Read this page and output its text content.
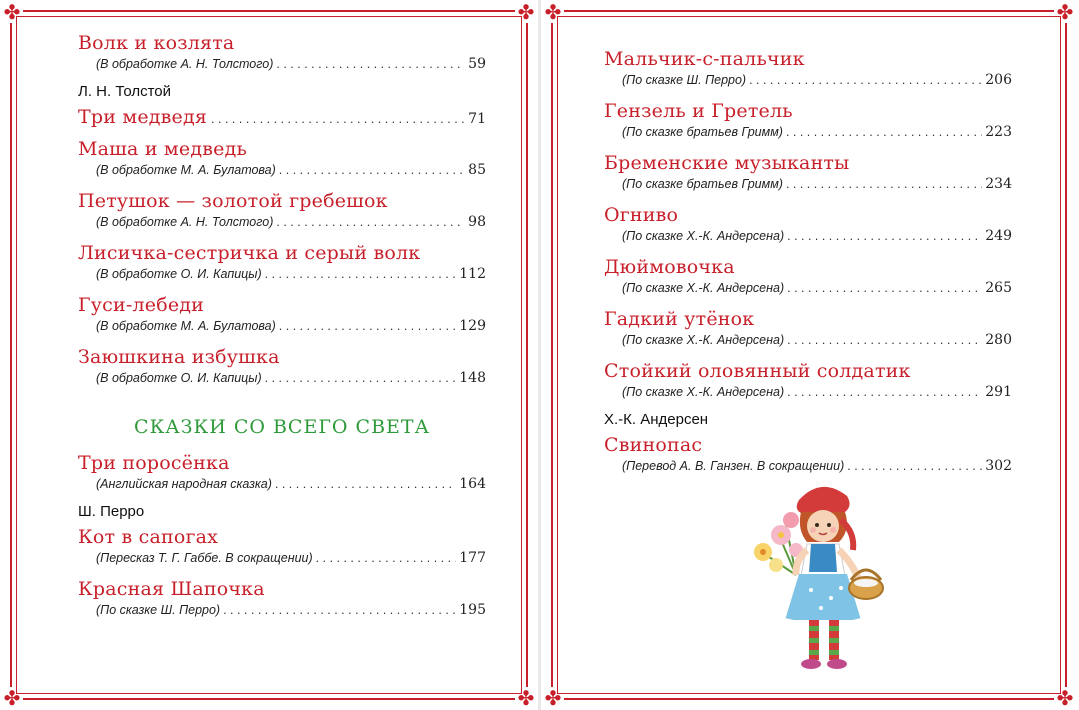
✤	✤
✤	✤
Волк и козлята
(В обработке А. Н. Толстого) . . .	59
Л. Н. Толстой
Три медведя . . .	71
Маша и медведь
(В обработке М. А. Булатова) . . .	85
Петушок — золотой гребешок
(В обработке А. Н. Толстого) . . .	98
Лисичка-сестричка и серый волк
(В обработке О. И. Капицы) . . .	112
Гуси-лебеди
(В обработке М. А. Булатова) . . .	129
Заюшкина избушка
(В обработке О. И. Капицы) . . .	148
СКАЗКИ СО ВСЕГО СВЕТА
Три поросёнка
(Английская народная сказка) . . .	164
Ш. Перро
Кот в сапогах
(Пересказ Т. Г. Габбе. В сокращении) . . .	177
Красная Шапочка
(По сказке Ш. Перро) . . .	195
✤	✤
✤	✤
Мальчик-с-пальчик
(По сказке Ш. Перро) . . .	206
Гензель и Гретель
(По сказке братьев Гримм) . . .	223
Бременские музыканты
(По сказке братьев Гримм) . . .	234
Огниво
(По сказке Х.-К. Андерсена) . . .	249
Дюймовочка
(По сказке Х.-К. Андерсена) . . .	265
Гадкий утёнок
(По сказке Х.-К. Андерсена) . . .	280
Стойкий оловянный солдатик
(По сказке Х.-К. Андерсена) . . .	291
Х.-К. Андерсен
Свинопас
(Перевод А. В. Ганзен. В сокращении) . . .	302
